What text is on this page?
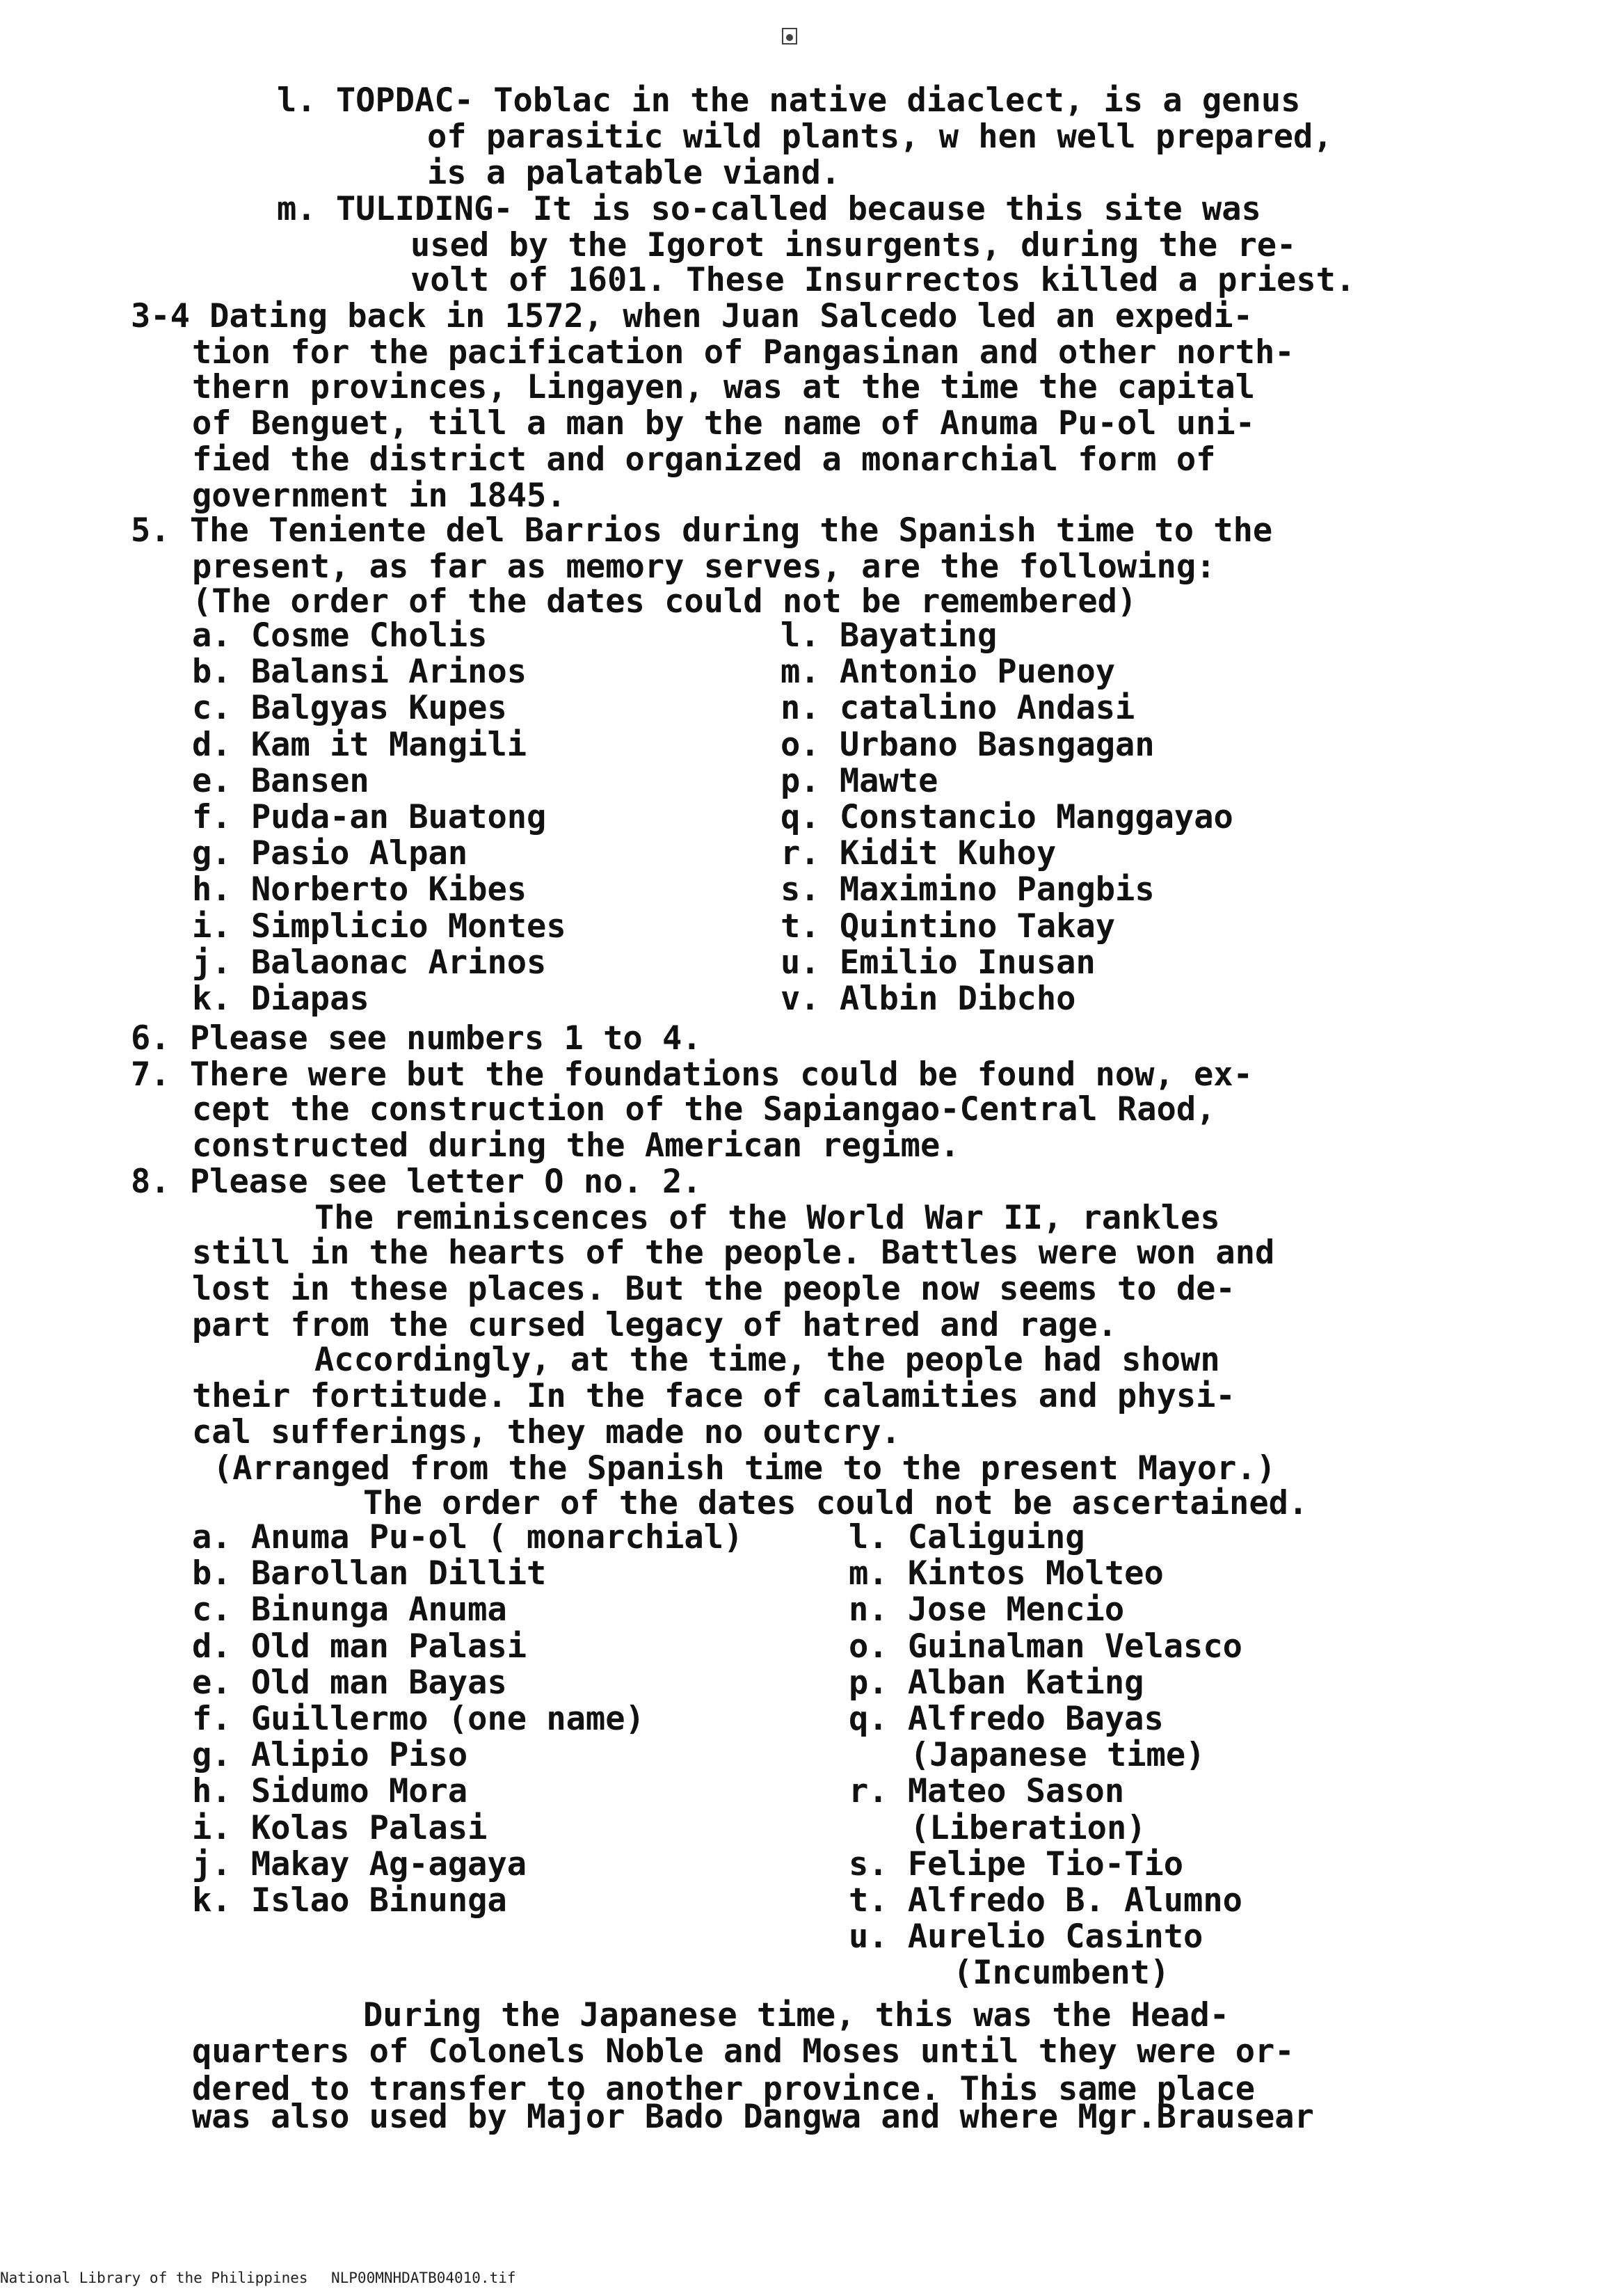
l. TOPDAC- Toblac in the native diaclect, is a genus
of parasitic wild plants, w hen well prepared,
is a palatable viand.
m. TULIDING- It is so-called because this site was
used by the Igorot insurgents, during the re-
volt of 1601. These Insurrectos killed a priest.
3-4 Dating back in 1572, when Juan Salcedo led an expedi-
tion for the pacification of Pangasinan and other north-
thern provinces, Lingayen, was at the time the capital
of Benguet, till a man by the name of Anuma Pu-ol uni-
fied the district and organized a monarchial form of
government in 1845.
5. The Teniente del Barrios during the Spanish time to the
present, as far as memory serves, are the following:
(The order of the dates could not be remembered)
a. Cosme Cholis
b. Balansi Arinos
c. Balgyas Kupes
d. Kam it Mangili
e. Bansen
f. Puda-an Buatong
g. Pasio Alpan
h. Norberto Kibes
i. Simplicio Montes
j. Balaonac Arinos
k. Diapas
l. Bayating
m. Antonio Puenoy
n. catalino Andasi
o. Urbano Basngagan
p. Mawte
q. Constancio Manggayao
r. Kidit Kuhoy
s. Maximino Pangbis
t. Quintino Takay
u. Emilio Inusan
v. Albin Dibcho
6. Please see numbers 1 to 4.
7. There were but the foundations could be found now, ex-
cept the construction of the Sapiangao-Central Raod,
constructed during the American regime.
8. Please see letter O no. 2.
The reminiscences of the World War II, rankles
still in the hearts of the people. Battles were won and
lost in these places. But the people now seems to de-
part from the cursed legacy of hatred and rage.
Accordingly, at the time, the people had shown
their fortitude. In the face of calamities and physi-
cal sufferings, they made no outcry.
(Arranged from the Spanish time to the present Mayor.)
The order of the dates could not be ascertained.
a. Anuma Pu-ol ( monarchial)
b. Barollan Dillit
c. Binunga Anuma
d. Old man Palasi
e. Old man Bayas
f. Guillermo (one name)
g. Alipio Piso
h. Sidumo Mora
i. Kolas Palasi
j. Makay Ag-agaya
k. Islao Binunga
l. Caliguing
m. Kintos Molteo
n. Jose Mencio
o. Guinalman Velasco
p. Alban Kating
q. Alfredo Bayas
(Japanese time)
r. Mateo Sason
(Liberation)
s. Felipe Tio-Tio
t. Alfredo B. Alumno
u. Aurelio Casinto
(Incumbent)
During the Japanese time, this was the Head-
quarters of Colonels Noble and Moses until they were or-
dered to transfer to another province. This same place
was also used by Major Bado Dangwa and where Mgr.Brausear
National Library of the Philippines NLP00MNHDATB04010.tif
